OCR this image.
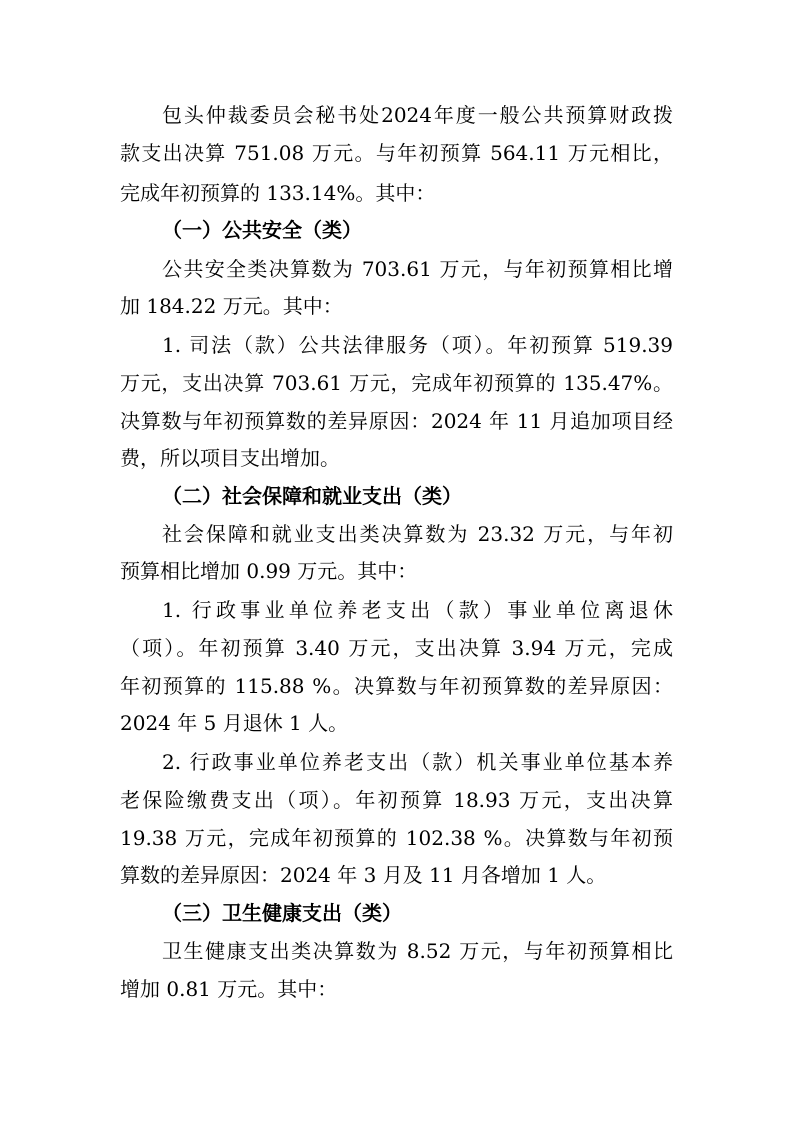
包头仲裁委员会秘书处2024年度一般公共预算财政拨
款支出决算 751.08 万元。与年初预算 564.11 万元相比，
完成年初预算的 133.14%。其中：
（一）公共安全（类）
公共安全类决算数为 703.61 万元，与年初预算相比增
加 184.22 万元。其中：
1. 司法（款）公共法律服务（项）。年初预算 519.39
万元，支出决算 703.61 万元，完成年初预算的 135.47%。
决算数与年初预算数的差异原因：2024 年 11 月追加项目经
费，所以项目支出增加。
（二）社会保障和就业支出（类）
社会保障和就业支出类决算数为 23.32 万元，与年初
预算相比增加 0.99 万元。其中：
1. 行政事业单位养老支出（款）事业单位离退休
（项）。年初预算 3.40 万元，支出决算 3.94 万元，完成
年初预算的 115.88 %。决算数与年初预算数的差异原因：
2024 年 5 月退休 1 人。
2. 行政事业单位养老支出（款）机关事业单位基本养
老保险缴费支出（项）。年初预算 18.93 万元，支出决算
19.38 万元，完成年初预算的 102.38 %。决算数与年初预
算数的差异原因：2024 年 3 月及 11 月各增加 1 人。
（三）卫生健康支出（类）
卫生健康支出类决算数为 8.52 万元，与年初预算相比
增加 0.81 万元。其中：
